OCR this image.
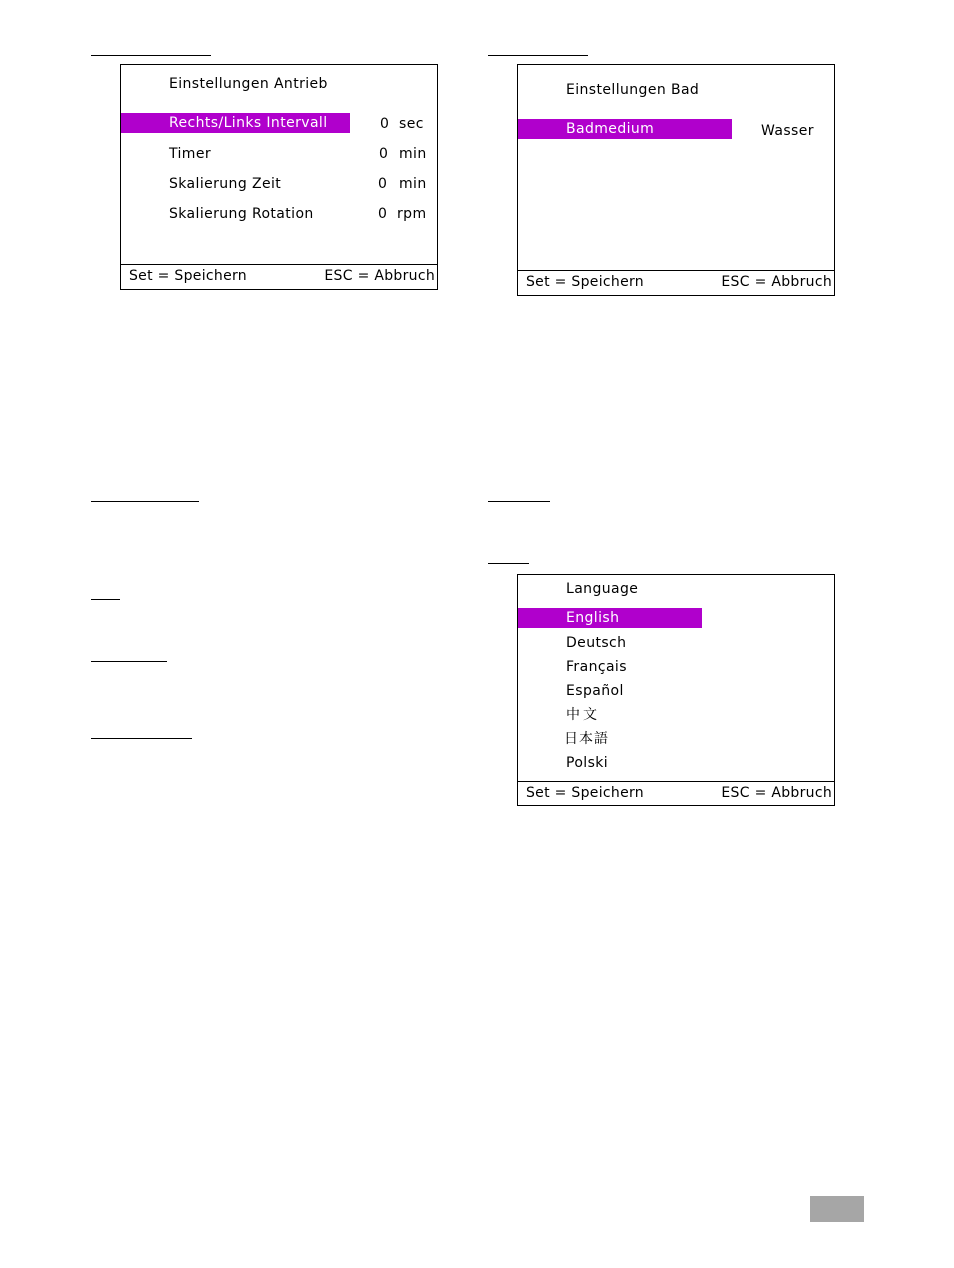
Einstellungen Antrieb
Rechts/Links Intervall	0 sec
Timer	0 min
Skalierung Zeit	0 min
Skalierung Rotation	0 rpm
Set = Speichern	ESC = Abbruch
Einstellungen Bad
Badmedium	Wasser
Set = Speichern	ESC = Abbruch
Language
English
Deutsch
Français
Español
中文
日本語
Polski
Set = Speichern	ESC = Abbruch
